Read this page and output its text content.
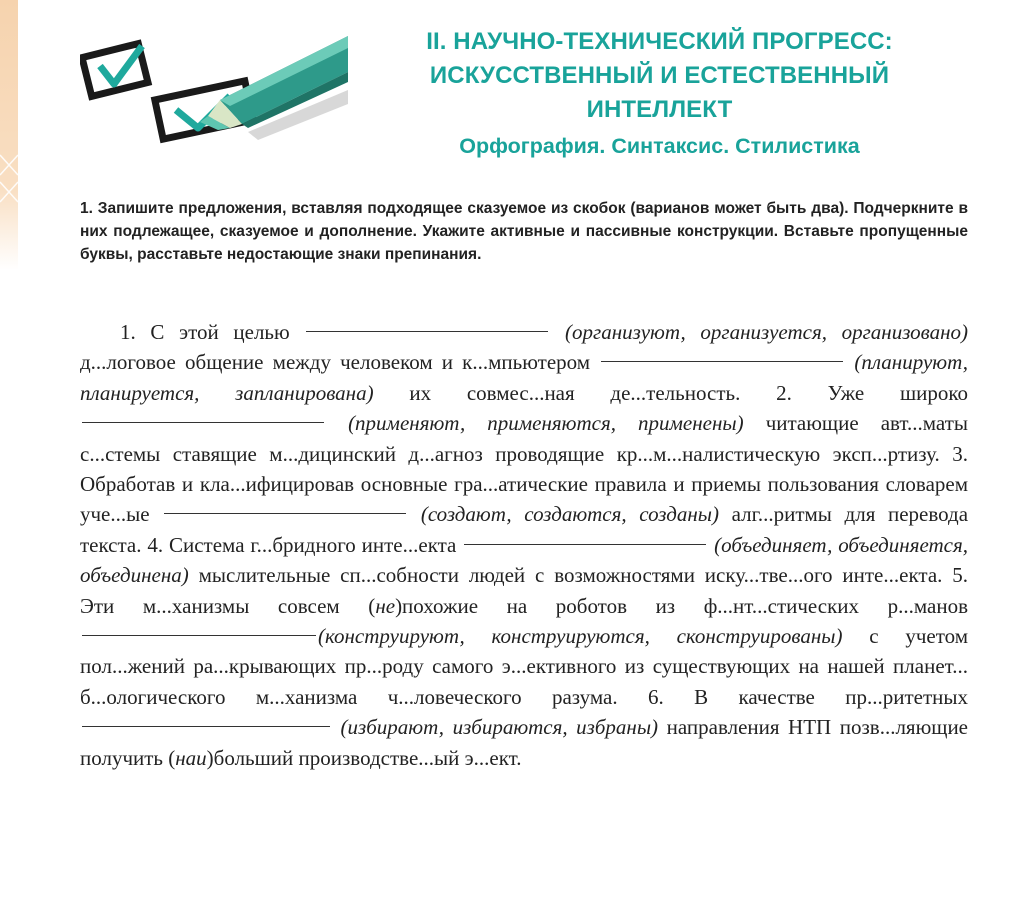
II. НАУЧНО-ТЕХНИЧЕСКИЙ ПРОГРЕСС:
ИСКУССТВЕННЫЙ И ЕСТЕСТВЕННЫЙ
ИНТЕЛЛЕКТ
Орфография. Синтаксис. Стилистика
1. Запишите предложения, вставляя подходящее сказуемое из скобок (варианов может быть два). Подчеркните в них подлежащее, сказуемое и дополнение. Укажите активные и пассивные конструкции. Вставьте пропущенные буквы, расставьте недостающие знаки препинания.
1. С этой целью	(организуют, организуется, организовано) д...логовое общение между человеком и к...мпьютером	(планируют, планируется, запланирована) их совмес...ная де...тельность. 2. Уже широко  (применяют, применяются, применены) читающие авт...маты с...стемы ставящие м...дицинский д...агноз проводящие кр...м...налистическую эксп...ртизу. 3. Обработав и кла...ифицировав основные гра...атические правила и приемы пользования словарем уче...ые	(создают, создаются, созданы) алг...ритмы для перевода текста. 4. Система г...бридного инте...екта	(объединяет, объединяется, объединена) мыслительные сп...собности людей с возможностями иску...тве...ого инте...екта. 5. Эти м...ханизмы совсем (не)похожие на роботов из ф...нт...стических р...манов(конструируют, конструируются, сконструированы) с учетом пол...жений ра...крывающих пр...роду самого э...ективного из существующих на нашей планет... б...ологического м...ханизма ч...ловеческого разума. 6. В качестве пр...ритетных  (избирают, избираются, избраны) направления НТП позв...ляющие получить (наи)больший производстве...ый э...ект.
